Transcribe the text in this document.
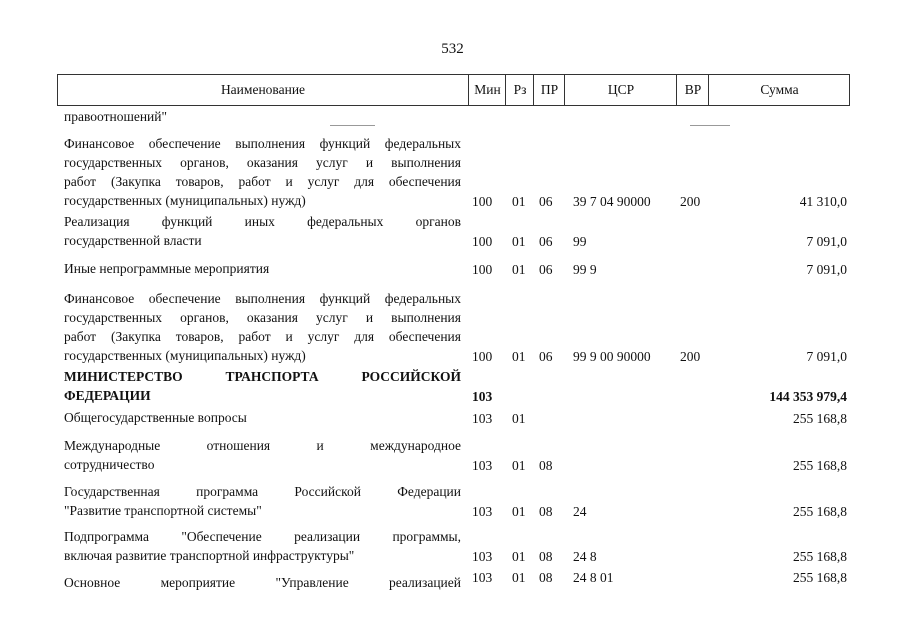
532
Наименование	Мин Рз	ПР	ЦСР	ВР	Сумма
правоотношений"
Финансовое обеспечение выполнения функций федеральных
государственных органов, оказания услуг и выполнения
работ (Закупка товаров, работ и услуг для обеспечения
государственных (муниципальных) нужд)	100 01 06 39 7 04 90000 200	41 310,0
Реализация функций иных федеральных органов
государственной власти	100 01 06 99	7 091,0
Иные непрограммные мероприятия	100 01 06 99 9	7 091,0
Финансовое обеспечение выполнения функций федеральных
государственных органов, оказания услуг и выполнения
работ (Закупка товаров, работ и услуг для обеспечения
государственных (муниципальных) нужд)	100 01 06 99 9 00 90000 200	7 091,0
МИНИСТЕРСТВО ТРАНСПОРТА РОССИЙСКОЙ
ФЕДЕРАЦИИ	103	144 353 979,4
Общегосударственные вопросы	103 01	255 168,8
Международные отношения и международное
сотрудничество	103 01 08	255 168,8
Государственная программа Российской Федерации
"Развитие транспортной системы"	103 01 08 24	255 168,8
Подпрограмма "Обеспечение реализации программы,
включая развитие транспортной инфраструктуры"	103 01 08 24 8	255 168,8
Основное мероприятие "Управление реализацией 103 01 08 24 8 01	255 168,8
